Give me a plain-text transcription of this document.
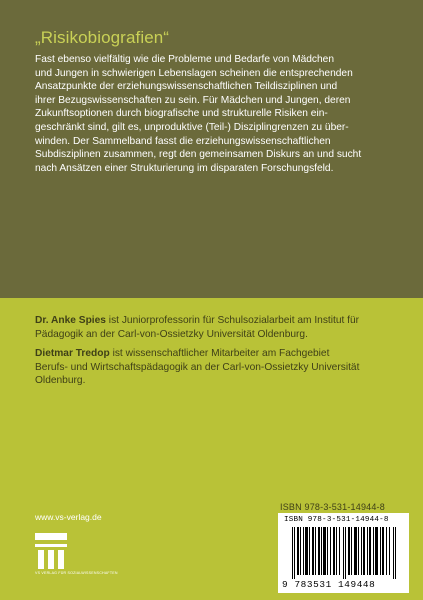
„Risikobiografien“
Fast ebenso vielfältig wie die Probleme und Bedarfe von Mädchen
und Jungen in schwierigen Lebenslagen scheinen die entsprechenden
Ansatzpunkte der erziehungswissenschaftlichen Teildisziplinen und
ihrer Bezugswissenschaften zu sein. Für Mädchen und Jungen, deren
Zukunftsoptionen durch biografische und strukturelle Risiken ein-
geschränkt sind, gilt es, unproduktive (Teil-) Disziplingrenzen zu über-
winden. Der Sammelband fasst die erziehungswissenschaftlichen
Subdisziplinen zusammen, regt den gemeinsamen Diskurs an und sucht
nach Ansätzen einer Strukturierung im disparaten Forschungsfeld.

Dr. Anke Spies ist Juniorprofessorin für Schulsozialarbeit am Institut für
Pädagogik an der Carl-von-Ossietzky Universität Oldenburg.

Dietmar Tredop ist wissenschaftlicher Mitarbeiter am Fachgebiet
Berufs- und Wirtschaftspädagogik an der Carl-von-Ossietzky Universität
Oldenburg.

www.vs-verlag.de
VS VERLAG FÜR SOZIALWISSENSCHAFTEN
ISBN 978-3-531-14944-8
ISBN 978-3-531-14944-8
9 783531 149448
